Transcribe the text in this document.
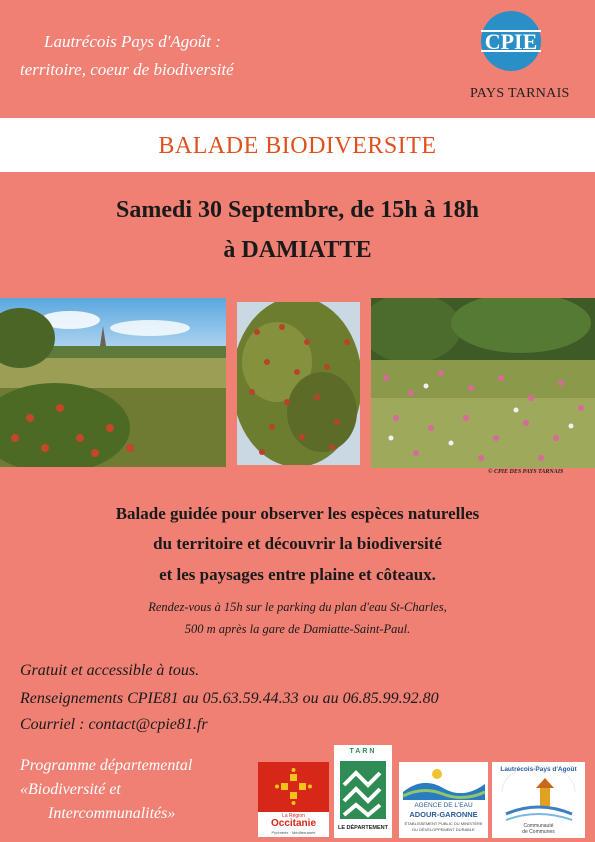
Lautrécois Pays d'Agoût :
territoire, coeur de biodiversité
CPIE
PAYS TARNAIS
BALADE BIODIVERSITE
Samedi 30 Septembre, de 15h à 18h
à DAMIATTE
© CPIE DES PAYS TARNAIS
Balade guidée pour observer les espèces naturelles
du territoire et découvrir la biodiversité
et les paysages entre plaine et côteaux.
Rendez-vous à 15h sur le parking du plan d'eau St-Charles,
500 m après la gare de Damiatte-Saint-Paul.
Gratuit et accessible à tous.
Renseignements CPIE81 au 05.63.59.44.33 ou au 06.85.99.92.80
Courriel : contact@cpie81.fr
Programme départemental
«Biodiversité et
Intercommunalités»	La Région
Occitanie
Pyrénées · Méditerranée
TARN
LE DÉPARTEMENT
AGENCE DE L'EAU
ADOUR-GARONNE
ÉTABLISSEMENT PUBLIC DU MINISTÈRE
DU DÉVELOPPEMENT DURABLE
Lautrécois-Pays d'Agoût
Communauté
de Communes
